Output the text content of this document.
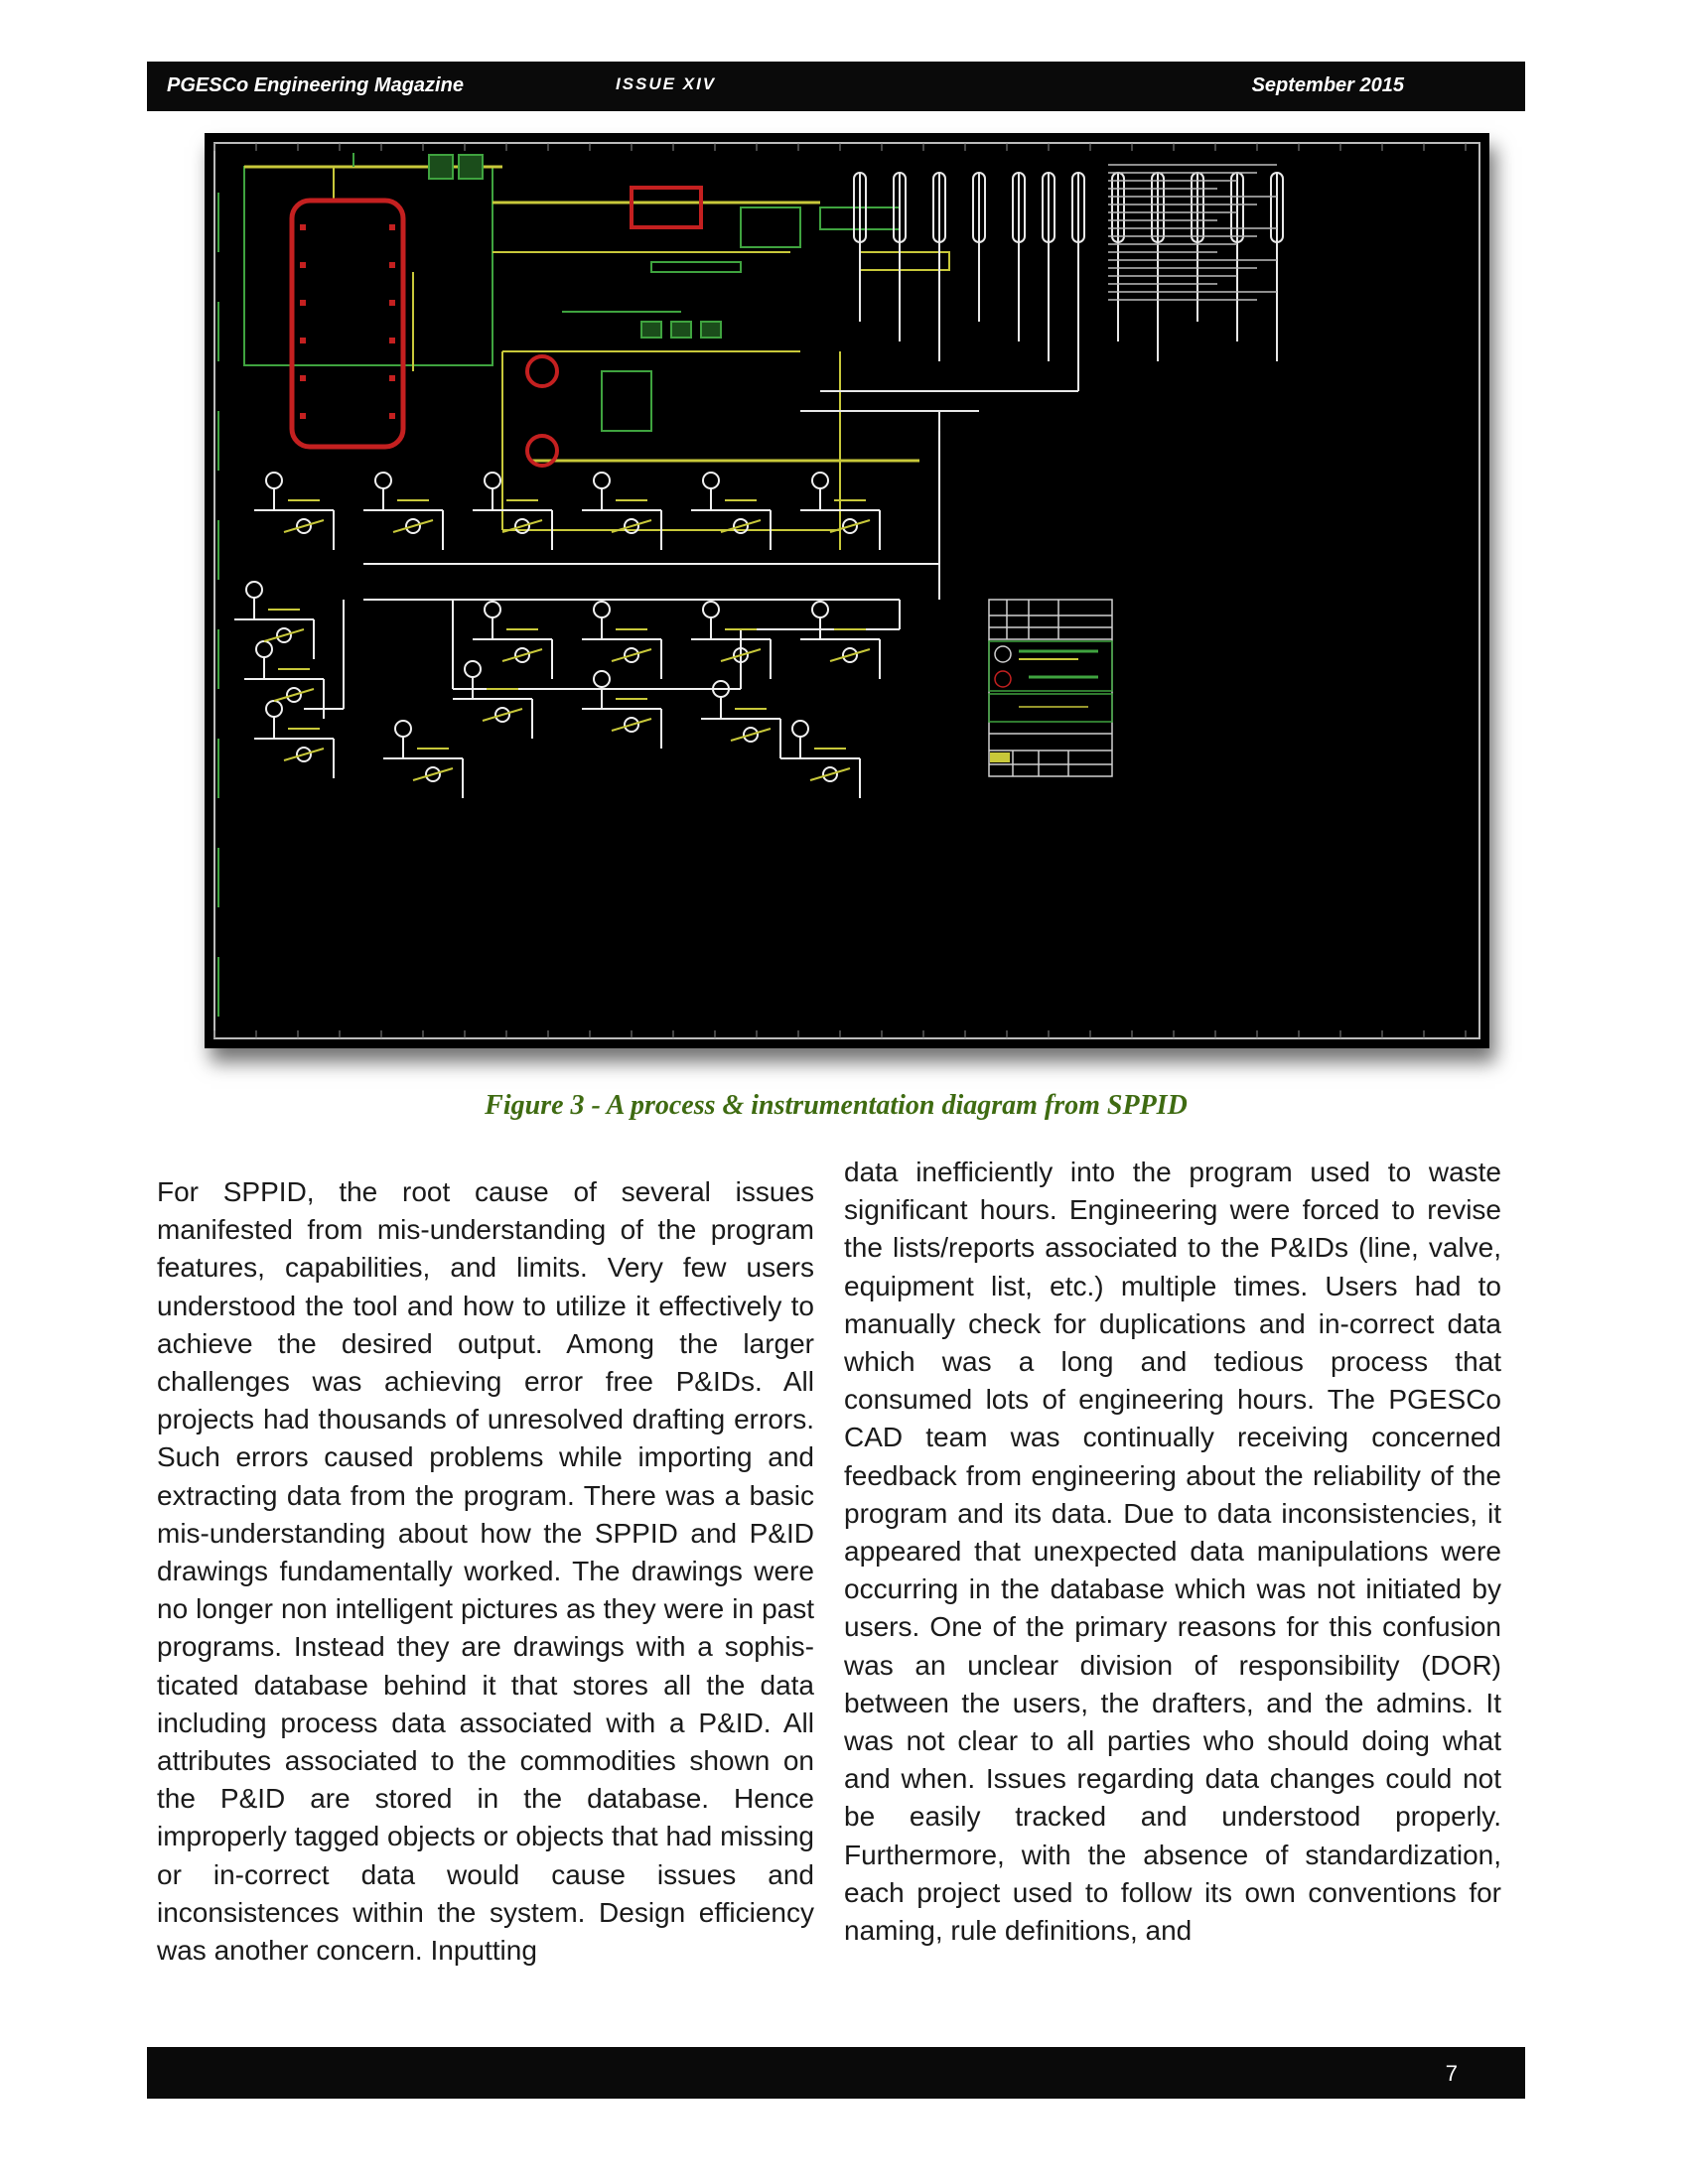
PGESCo Engineering Magazine	ISSUE XIV	September 2015
Figure 3 - A process & instrumentation diagram from SPPID
For SPPID, the root cause of several issues manifested from mis-understanding of the program features, capabilities, and limits. Very few users understood the tool and how to utilize it effectively to achieve the desired output. Among the larger challenges was achieving error free P&IDs. All projects had thousands of unresolved drafting errors. Such errors caused problems while importing and extracting data from the program. There was a basic mis-understanding about how the SPPID and P&ID drawings fundamentally worked. The drawings were no longer non intelligent pictures as they were in past programs. Instead they are drawings with a sophisticated database behind it that stores all the data including process data associated with a P&ID. All attributes associated to the commodities shown on the P&ID are stored in the database. Hence improperly tagged objects or objects that had missing or in-correct data would cause issues and inconsistences within the system. Design efficiency was another concern. Inputting
data inefficiently into the program used to waste significant hours. Engineering were forced to revise the lists/reports associated to the P&IDs (line, valve, equipment list, etc.) multiple times. Users had to manually check for duplications and in-correct data which was a long and tedious process that consumed lots of engineering hours. The PGESCo CAD team was continually receiving concerned feedback from engineering about the reliability of the program and its data. Due to data inconsistencies, it appeared that unexpected data manipulations were occurring in the database which was not initiated by users. One of the primary reasons for this confusion was an unclear division of responsibility (DOR) between the users, the drafters, and the admins. It was not clear to all parties who should doing what and when. Issues regarding data changes could not be easily tracked and understood properly. Furthermore, with the absence of standardization, each project used to follow its own conventions for naming, rule definitions, and
7
